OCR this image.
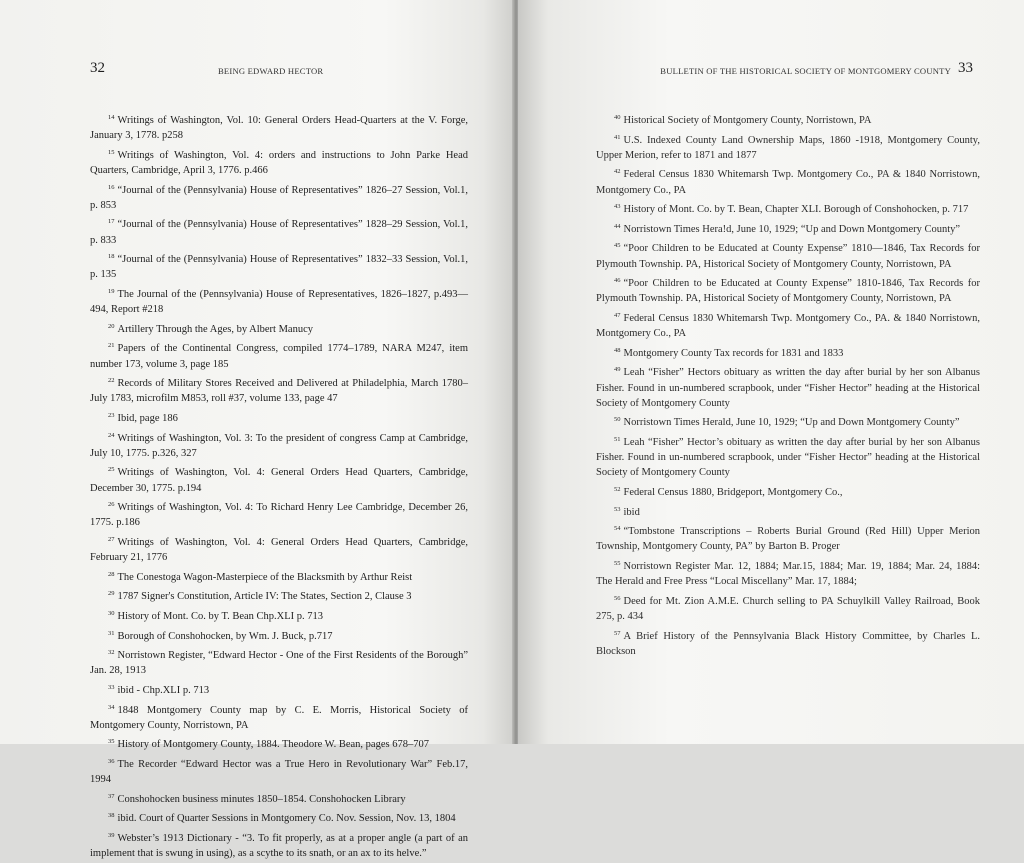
32	BEING EDWARD HECTOR

$^{14}$ Writings of Washington, Vol. 10: General Orders Head-Quarters at the V. Forge, January 3, 1778. p258

$^{15}$ Writings of Washington, Vol. 4: orders and instructions to John Parke Head Quarters, Cambridge, April 3, 1776. p.466

$^{16}$ “Journal of the (Pennsylvania) House of Representatives” 1826–27 Session, Vol.1, p. 853

$^{17}$ “Journal of the (Pennsylvania) House of Representatives” 1828–29 Session, Vol.1, p. 833

$^{18}$ “Journal of the (Pennsylvania) House of Representatives” 1832–33 Session, Vol.1, p. 135

$^{19}$ The Journal of the (Pennsylvania) House of Representatives, 1826–1827, p.493—494, Report #218

$^{20}$ Artillery Through the Ages, by Albert Manucy

$^{21}$ Papers of the Continental Congress, compiled 1774–1789, NARA M247, item number 173, volume 3, page 185

$^{22}$ Records of Military Stores Received and Delivered at Philadelphia, March 1780–July 1783, microfilm M853, roll #37, volume 133, page 47

$^{23}$ Ibid, page 186

$^{24}$ Writings of Washington, Vol. 3: To the president of congress Camp at Cambridge, July 10, 1775. p.326, 327

$^{25}$ Writings of Washington, Vol. 4: General Orders Head Quarters, Cambridge, December 30, 1775. p.194

$^{26}$ Writings of Washington, Vol. 4: To Richard Henry Lee Cambridge, December 26, 1775. p.186

$^{27}$ Writings of Washington, Vol. 4: General Orders Head Quarters, Cambridge, February 21, 1776

$^{28}$ The Conestoga Wagon-Masterpiece of the Blacksmith by Arthur Reist

$^{29}$ 1787 Signer's Constitution, Article IV: The States, Section 2, Clause 3

$^{30}$ History of Mont. Co. by T. Bean Chp.XLI p. 713

$^{31}$ Borough of Conshohocken, by Wm. J. Buck, p.717

$^{32}$ Norristown Register, “Edward Hector - One of the First Residents of the Borough” Jan. 28, 1913

$^{33}$ ibid - Chp.XLI p. 713

$^{34}$ 1848 Montgomery County map by C. E. Morris, Historical Society of Montgomery County, Norristown, PA

$^{35}$ History of Montgomery County, 1884. Theodore W. Bean, pages 678–707

$^{36}$ The Recorder “Edward Hector was a True Hero in Revolutionary War” Feb.17, 1994

$^{37}$ Conshohocken business minutes 1850–1854. Conshohocken Library

$^{38}$ ibid. Court of Quarter Sessions in Montgomery Co. Nov. Session, Nov. 13, 1804

$^{39}$ Webster’s 1913 Dictionary - “3. To fit properly, as at a proper angle (a part of an implement that is swung in using), as a scythe to its snath, or an ax to its helve.”

BULLETIN OF THE HISTORICAL SOCIETY OF MONTGOMERY COUNTY 33

$^{40}$ Historical Society of Montgomery County, Norristown, PA

$^{41}$ U.S. Indexed County Land Ownership Maps, 1860 -1918, Montgomery County, Upper Merion, refer to 1871 and 1877

$^{42}$ Federal Census 1830 Whitemarsh Twp. Montgomery Co., PA & 1840 Norristown, Montgomery Co., PA

$^{43}$ History of Mont. Co. by T. Bean, Chapter XLI. Borough of Conshohocken, p. 717

$^{44}$ Norristown Times Hera!d, June 10, 1929; “Up and Down Montgomery County”

$^{45}$ “Poor Children to be Educated at County Expense” 1810—1846, Tax Records for Plymouth Township. PA, Historical Society of Montgomery County, Norristown, PA

$^{46}$ “Poor Children to be Educated at County Expense” 1810-1846, Tax Records for Plymouth Township. PA, Historical Society of Montgomery County, Norristown, PA

$^{47}$ Federal Census 1830 Whitemarsh Twp. Montgomery Co., PA. & 1840 Norristown, Montgomery Co., PA

$^{48}$ Montgomery County Tax records for 1831 and 1833

$^{49}$ Leah “Fisher” Hectors obituary as written the day after burial by her son Albanus Fisher. Found in un-numbered scrapbook, under “Fisher Hector” heading at the Historical Society of Montgomery County

$^{50}$ Norristown Times Herald, June 10, 1929; “Up and Down Montgomery County”

$^{51}$ Leah “Fisher” Hector’s obituary as written the day after burial by her son Albanus Fisher. Found in un-numbered scrapbook, under “Fisher Hector” heading at the Historical Society of Montgomery County

$^{52}$ Federal Census 1880, Bridgeport, Montgomery Co.,

$^{53}$ ibid

$^{54}$ “Tombstone Transcriptions – Roberts Burial Ground (Red Hill) Upper Merion Township, Montgomery County, PA” by Barton B. Proger

$^{55}$ Norristown Register Mar. 12, 1884; Mar.15, 1884; Mar. 19, 1884; Mar. 24, 1884: The Herald and Free Press “Local Miscellany” Mar. 17, 1884;

$^{56}$ Deed for Mt. Zion A.M.E. Church selling to PA Schuylkill Valley Railroad, Book 275, p. 434

$^{57}$ A Brief History of the Pennsylvania Black History Committee, by Charles L. Blockson
